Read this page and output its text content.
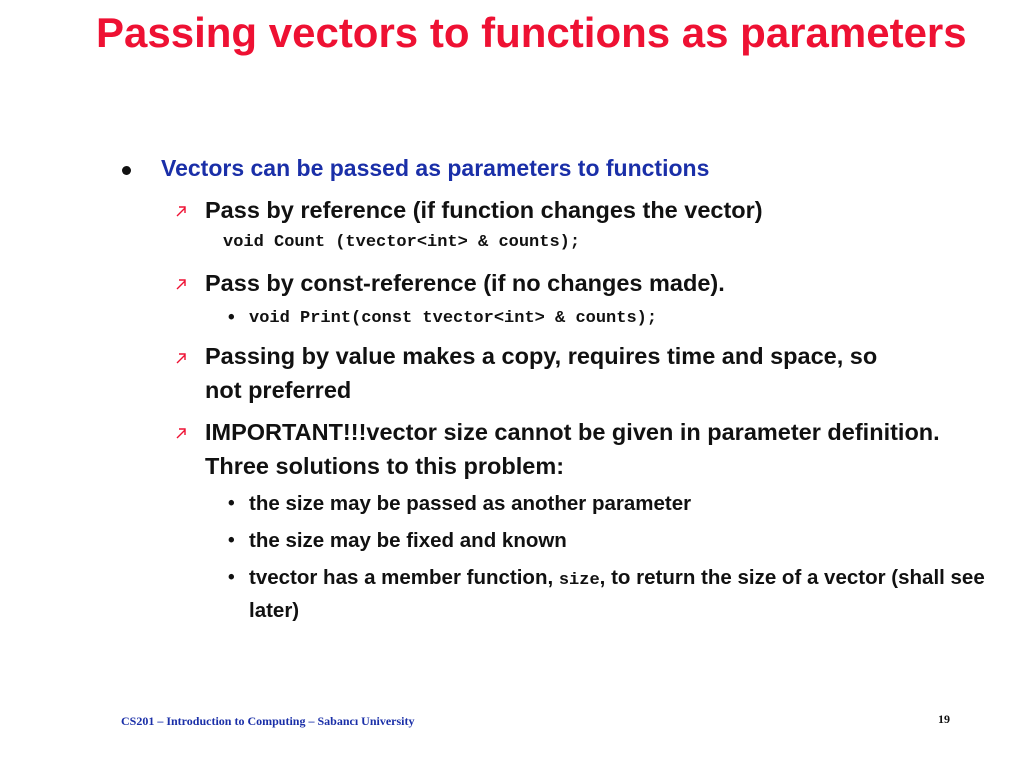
Passing vectors to functions as parameters
Vectors can be passed as parameters to functions
Pass by reference (if function changes the vector)
void Count (tvector<int> & counts);
Pass by const-reference (if no changes made).
• void Print(const tvector<int> & counts);
Passing by value makes a copy, requires time and space, so not preferred
IMPORTANT!!!vector size cannot be given in parameter definition. Three solutions to this problem:
• the size may be passed as another parameter
• the size may be fixed and known
• tvector has a member function, size, to return the size of a vector (shall see later)
CS201 – Introduction to Computing – Sabancı University	19
